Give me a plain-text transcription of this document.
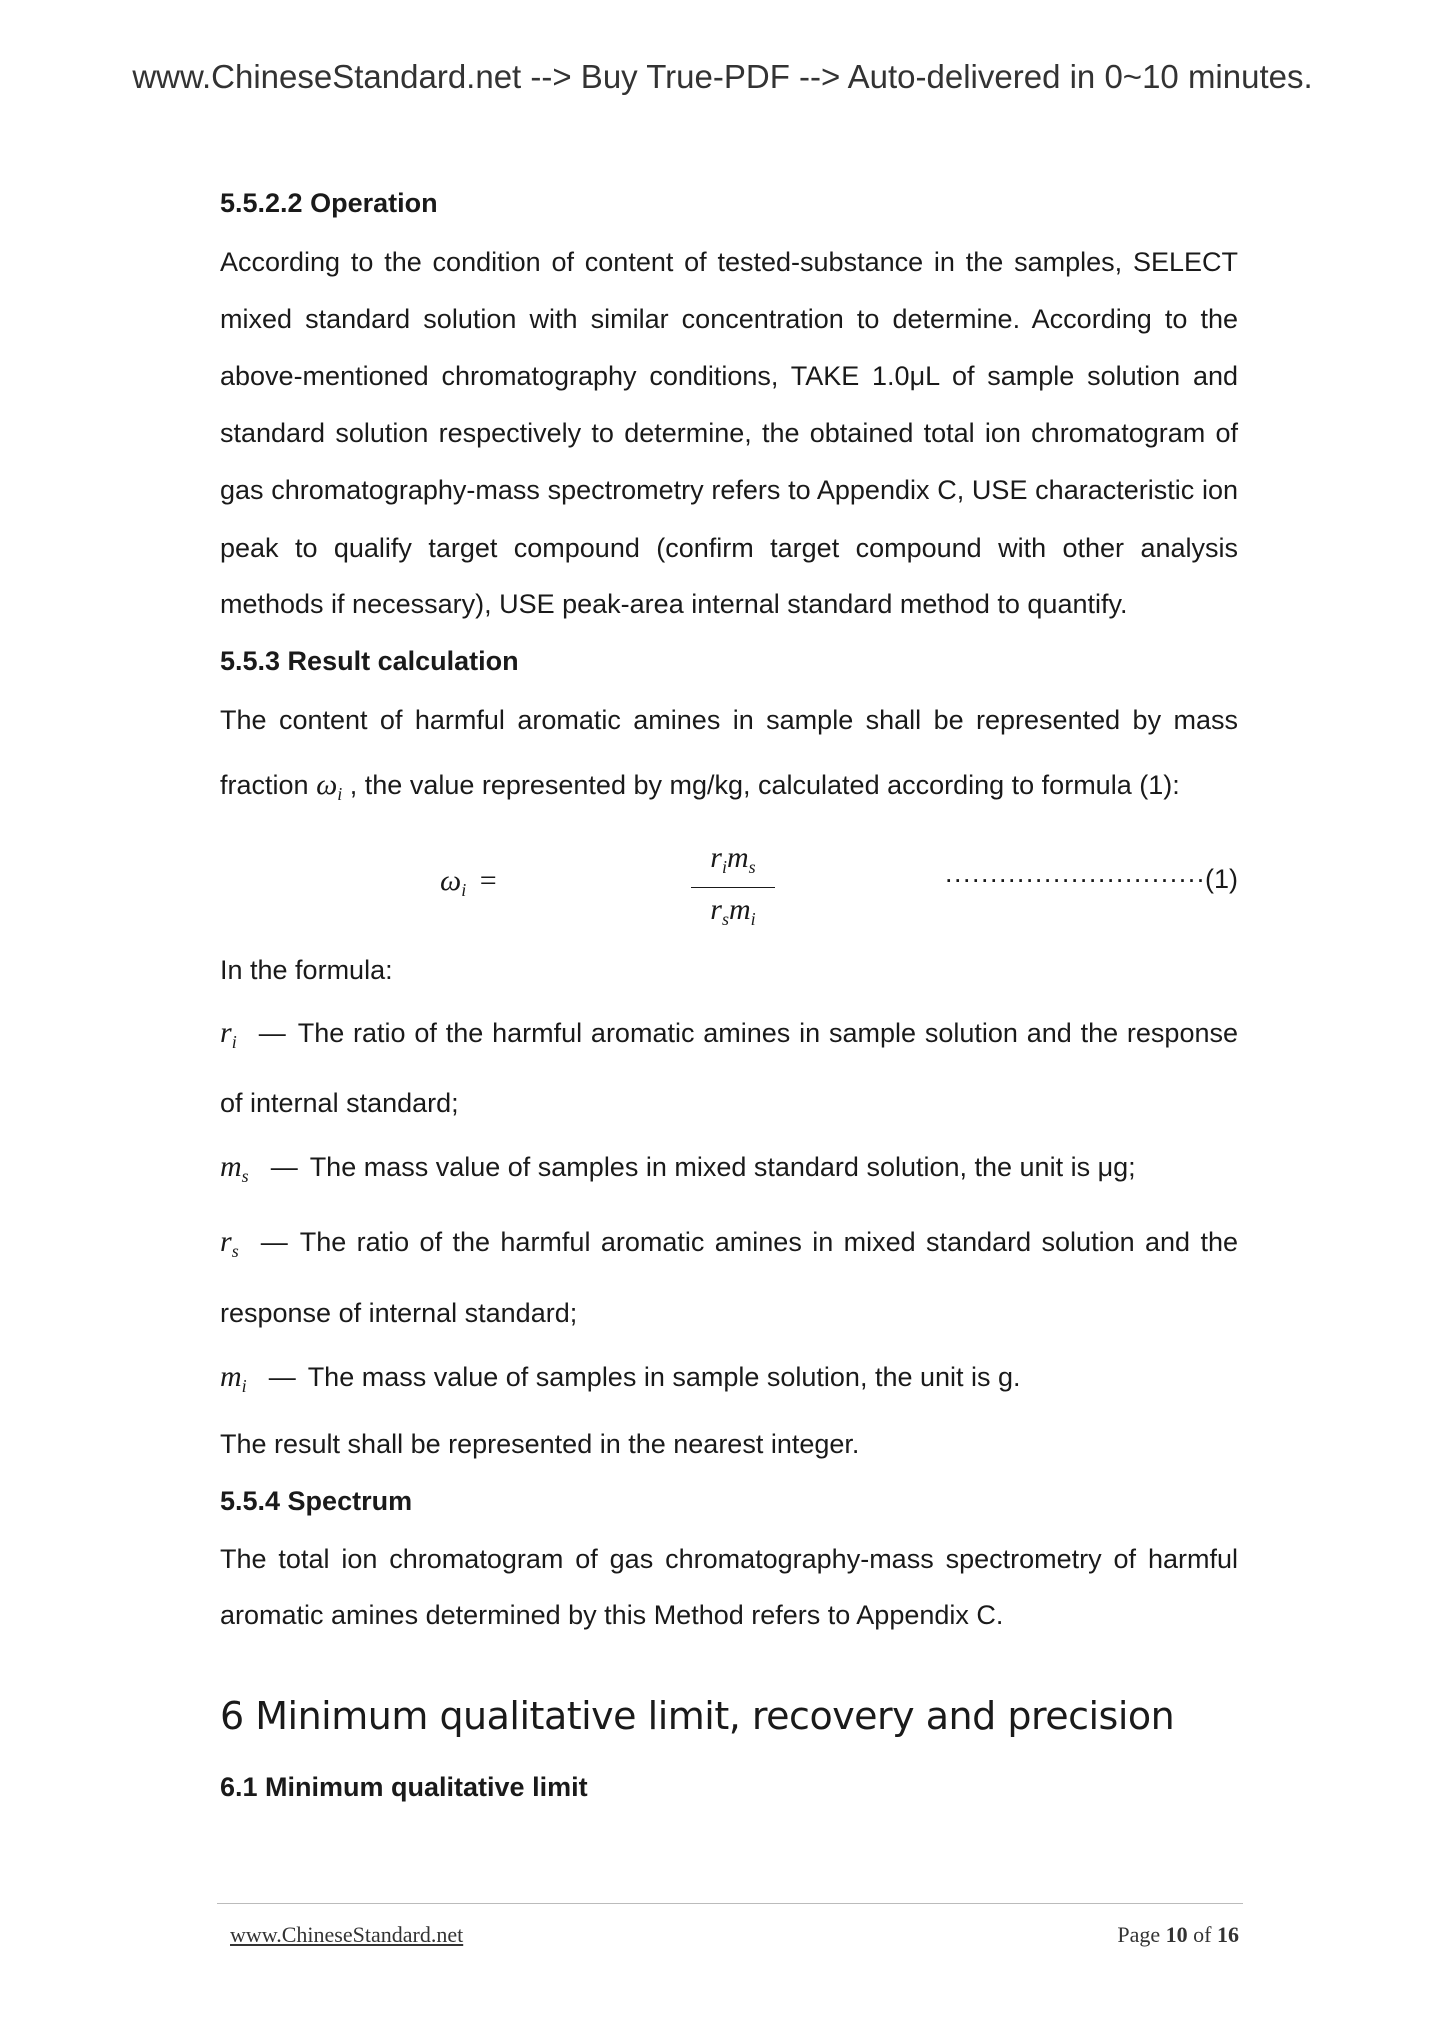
www.ChineseStandard.net --> Buy True-PDF --> Auto-delivered in 0~10 minutes.
5.5.2.2 Operation
According to the condition of content of tested-substance in the samples, SELECT
mixed standard solution with similar concentration to determine. According to the
above-mentioned chromatography conditions, TAKE 1.0μL of sample solution and
standard solution respectively to determine, the obtained total ion chromatogram of
gas chromatography-mass spectrometry refers to Appendix C, USE characteristic ion
peak to qualify target compound (confirm target compound with other analysis
methods if necessary), USE peak-area internal standard method to quantify.
5.5.3 Result calculation
The content of harmful aromatic amines in sample shall be represented by mass
fraction $\omega_i$ , the value represented by mg/kg, calculated according to formula (1):
$\omega_i$ =
$r_im_s$
$r_sm_i$
·····························(1)
In the formula:
$r_i$ — The ratio of the harmful aromatic amines in sample solution and the response
of internal standard;
$m_s$ — The mass value of samples in mixed standard solution, the unit is μg;
$r_s$ — The ratio of the harmful aromatic amines in mixed standard solution and the
response of internal standard;
$m_i$ — The mass value of samples in sample solution, the unit is g.
The result shall be represented in the nearest integer.
5.5.4 Spectrum
The total ion chromatogram of gas chromatography-mass spectrometry of harmful
aromatic amines determined by this Method refers to Appendix C.
6 Minimum qualitative limit, recovery and precision
6.1 Minimum qualitative limit
www.ChineseStandard.net	Page 10 of 16
